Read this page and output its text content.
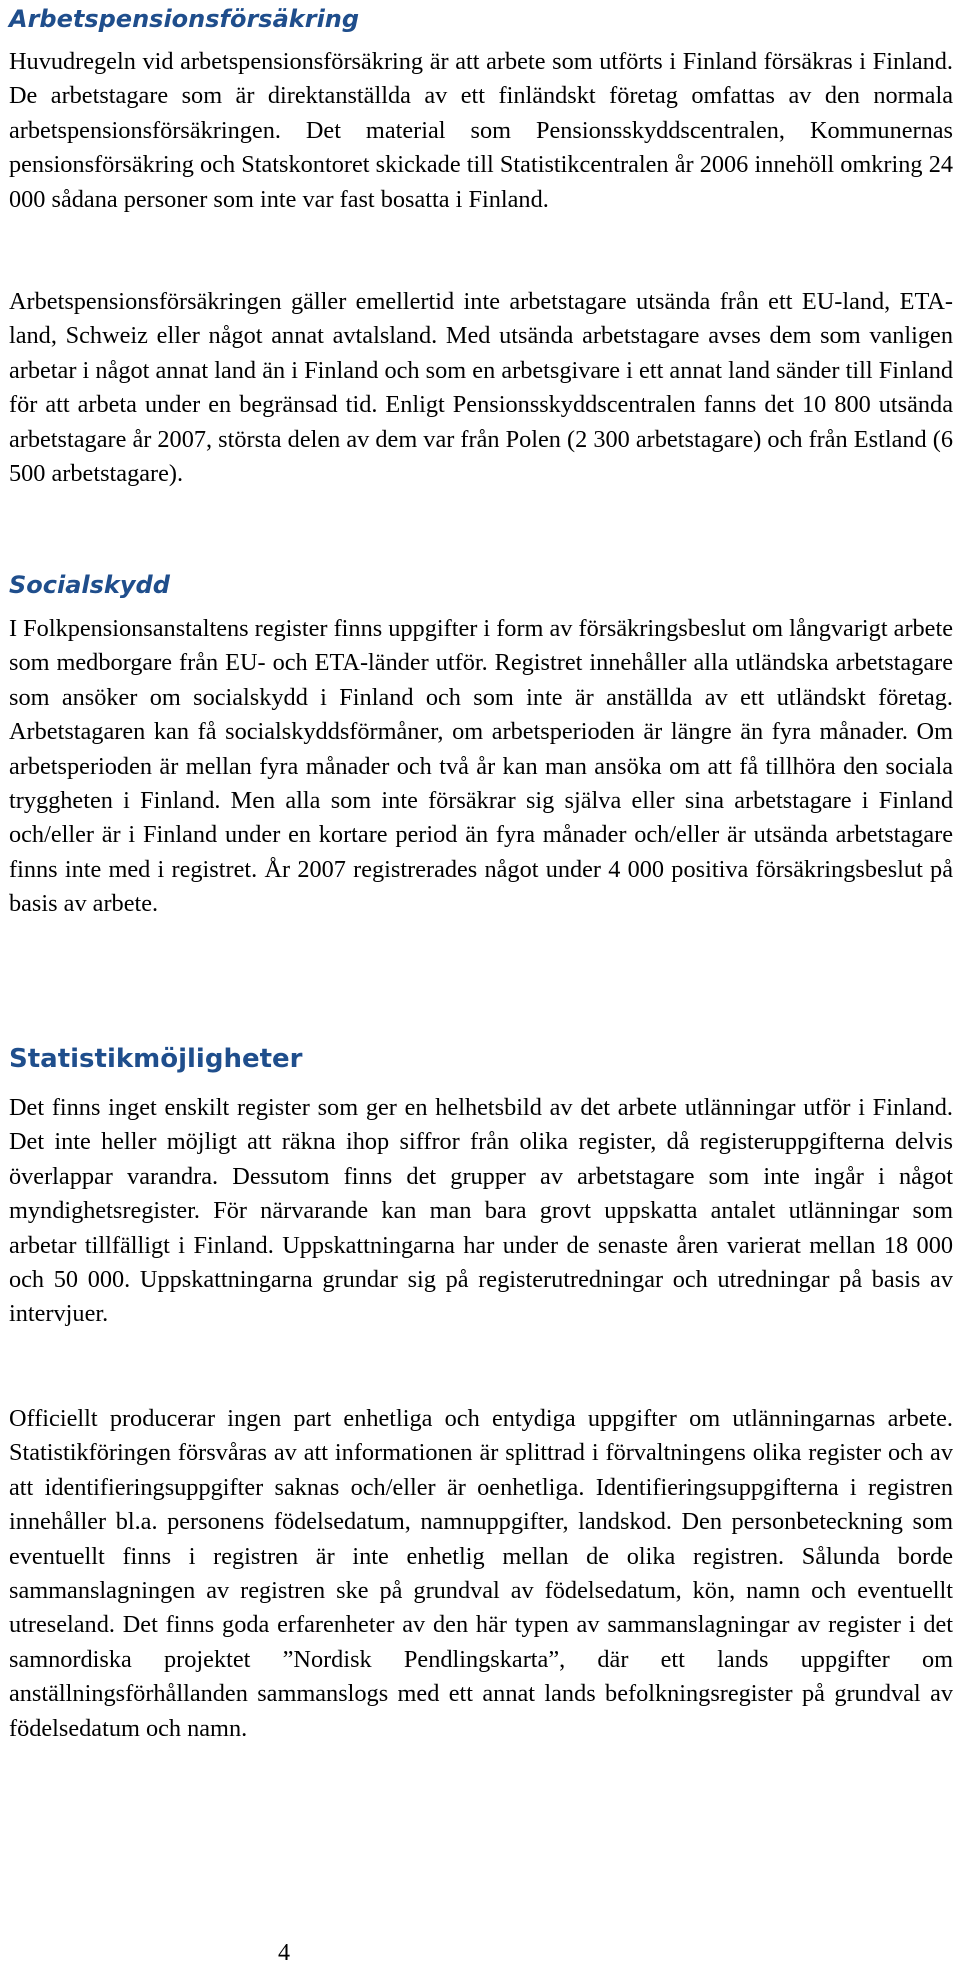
Arbetspensionsförsäkring

Huvudregeln vid arbetspensionsförsäkring är att arbete som utförts i Finland försäkras i Finland. De arbetstagare som är direktanställda av ett finländskt företag omfattas av den normala arbetspensionsförsäkringen. Det material som Pensionsskyddscentralen, Kommunernas pensionsförsäkring och Statskontoret skickade till Statistikcentralen år 2006 innehöll omkring 24 000 sådana personer som inte var fast bosatta i Finland.

Arbetspensionsförsäkringen gäller emellertid inte arbetstagare utsända från ett EU-land, ETA-land, Schweiz eller något annat avtalsland. Med utsända arbetstagare avses dem som vanligen arbetar i något annat land än i Finland och som en arbetsgivare i ett annat land sänder till Finland för att arbeta under en begränsad tid. Enligt Pensionsskyddscentralen fanns det 10 800 utsända arbetstagare år 2007, största delen av dem var från Polen (2 300 arbetstagare) och från Estland (6 500 arbetstagare).

Socialskydd

I Folkpensionsanstaltens register finns uppgifter i form av försäkringsbeslut om långvarigt arbete som medborgare från EU- och ETA-länder utför. Registret innehåller alla utländska arbetstagare som ansöker om socialskydd i Finland och som inte är anställda av ett utländskt företag. Arbetstagaren kan få socialskyddsförmåner, om arbetsperioden är längre än fyra månader. Om arbetsperioden är mellan fyra månader och två år kan man ansöka om att få tillhöra den sociala tryggheten i Finland. Men alla som inte försäkrar sig själva eller sina arbetstagare i Finland och/eller är i Finland under en kortare period än fyra månader och/eller är utsända arbetstagare finns inte med i registret. År 2007 registrerades något under 4 000 positiva försäkringsbeslut på basis av arbete.

Statistikmöjligheter

Det finns inget enskilt register som ger en helhetsbild av det arbete utlänningar utför i Finland. Det inte heller möjligt att räkna ihop siffror från olika register, då registeruppgifterna delvis överlappar varandra. Dessutom finns det grupper av arbetstagare som inte ingår i något myndighetsregister. För närvarande kan man bara grovt uppskatta antalet utlänningar som arbetar tillfälligt i Finland. Uppskattningarna har under de senaste åren varierat mellan 18 000 och 50 000. Uppskattningarna grundar sig på registerutredningar och utredningar på basis av intervjuer.

Officiellt producerar ingen part enhetliga och entydiga uppgifter om utlänningarnas arbete. Statistikföringen försvåras av att informationen är splittrad i förvaltningens olika register och av att identifieringsuppgifter saknas och/eller är oenhetliga. Identifieringsuppgifterna i registren innehåller bl.a. personens födelsedatum, namnuppgifter, landskod. Den personbeteckning som eventuellt finns i registren är inte enhetlig mellan de olika registren. Sålunda borde sammanslagningen av registren ske på grundval av födelsedatum, kön, namn och eventuellt utreseland. Det finns goda erfarenheter av den här typen av sammanslagningar av register i det samnordiska projektet ”Nordisk Pendlingskarta”, där ett lands uppgifter om anställningsförhållanden sammanslogs med ett annat lands befolkningsregister på grundval av födelsedatum och namn.

4
